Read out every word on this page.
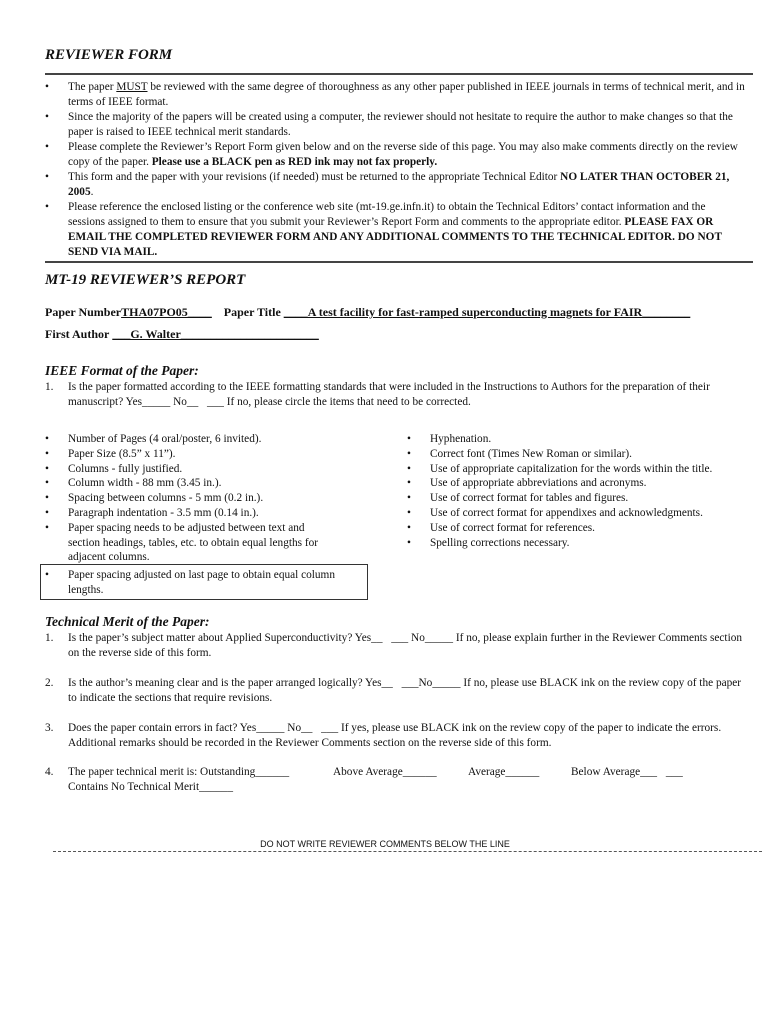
REVIEWER FORM
• The paper MUST be reviewed with the same degree of thoroughness as any other paper published in IEEE journals in terms of technical merit, and in terms of IEEE format.
• Since the majority of the papers will be created using a computer, the reviewer should not hesitate to require the author to make changes so that the paper is raised to IEEE technical merit standards.
• Please complete the Reviewer’s Report Form given below and on the reverse side of this page. You may also make comments directly on the review copy of the paper. Please use a BLACK pen as RED ink may not fax properly.
• This form and the paper with your revisions (if needed) must be returned to the appropriate Technical Editor NO LATER THAN OCTOBER 21, 2005.
• Please reference the enclosed listing or the conference web site (mt-19.ge.infn.it) to obtain the Technical Editors’ contact information and the sessions assigned to them to ensure that you submit your Reviewer’s Report Form and comments to the appropriate editor. PLEASE FAX OR EMAIL THE COMPLETED REVIEWER FORM AND ANY ADDITIONAL COMMENTS TO THE TECHNICAL EDITOR. DO NOT SEND VIA MAIL.
MT-19 REVIEWER’S REPORT
Paper NumberTHA07PO05____ Paper Title ____A test facility for fast-ramped superconducting magnets for FAIR________
First Author ___G. Walter_______________________
IEEE Format of the Paper:
1. Is the paper formatted according to the IEEE formatting standards that were included in the Instructions to Authors for the preparation of their manuscript? Yes_____ No__ ___ If no, please circle the items that need to be corrected.
• Number of Pages (4 oral/poster, 6 invited).
• Paper Size (8.5” x 11”).
• Columns - fully justified.
• Column width - 88 mm (3.45 in.).
• Spacing between columns - 5 mm (0.2 in.).
• Paragraph indentation - 3.5 mm (0.14 in.).
• Paper spacing needs to be adjusted between text and section headings, tables, etc. to obtain equal lengths for adjacent columns.
• Paper spacing adjusted on last page to obtain equal column lengths.
• Hyphenation.
• Correct font (Times New Roman or similar).
• Use of appropriate capitalization for the words within the title.
• Use of appropriate abbreviations and acronyms.
• Use of correct format for tables and figures.
• Use of correct format for appendixes and acknowledgments.
• Use of correct format for references.
• Spelling corrections necessary.
Technical Merit of the Paper:
1. Is the paper’s subject matter about Applied Superconductivity? Yes__ ___ No_____ If no, please explain further in the Reviewer Comments section on the reverse side of this form.
2. Is the author’s meaning clear and is the paper arranged logically? Yes__ ___No_____ If no, please use BLACK ink on the review copy of the paper to indicate the sections that require revisions.
3. Does the paper contain errors in fact? Yes_____ No__ ___ If yes, please use BLACK ink on the review copy of the paper to indicate the errors. Additional remarks should be recorded in the Reviewer Comments section on the reverse side of this form.
4. The paper technical merit is: Outstanding______	Above Average______	Average______	Below Average___ ___
Contains No Technical Merit______
DO NOT WRITE REVIEWER COMMENTS BELOW THE LINE
